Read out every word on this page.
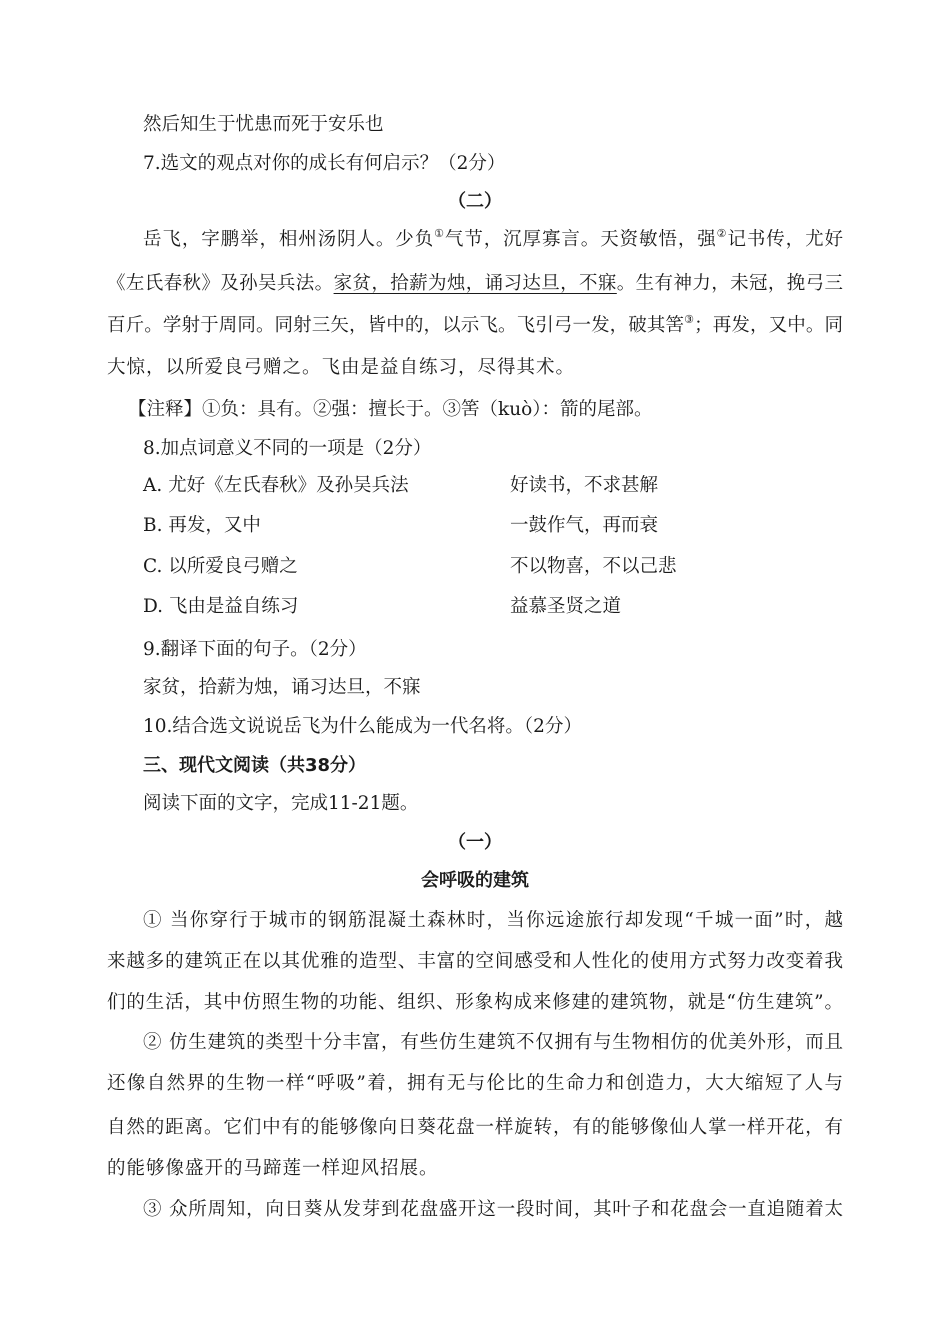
然后知生于忧患而死于安乐也
7.选文的观点对你的成长有何启示？（2分）
（二）
岳飞，字鹏举，相州汤阴人。少负①气节，沉厚寡言。天资敏悟，强②记书传，尤好
《左氏春秋》及孙吴兵法。家贫，拾薪为烛，诵习达旦，不寐。生有神力，未冠，挽弓三
百斤。学射于周同。同射三矢，皆中的，以示飞。飞引弓一发，破其筈③；再发，又中。同
大惊，以所爱良弓赠之。飞由是益自练习，尽得其术。
【注释】①负：具有。②强：擅长于。③筈（kuò）：箭的尾部。
8.加点词意义不同的一项是（2分）
A. 尤好《左氏春秋》及孙吴兵法	好读书，不求甚解
B. 再发，又中	一鼓作气，再而衰
C. 以所爱良弓赠之	不以物喜，不以己悲
D. 飞由是益自练习	益慕圣贤之道
9.翻译下面的句子。（2分）
家贫，拾薪为烛，诵习达旦，不寐
10.结合选文说说岳飞为什么能成为一代名将。（2分）
三、现代文阅读（共38分）
阅读下面的文字，完成11-21题。
（一）
会呼吸的建筑
① 当你穿行于城市的钢筋混凝土森林时，当你远途旅行却发现“千城一面”时，越
来越多的建筑正在以其优雅的造型、丰富的空间感受和人性化的使用方式努力改变着我
们的生活，其中仿照生物的功能、组织、形象构成来修建的建筑物，就是“仿生建筑”。
② 仿生建筑的类型十分丰富，有些仿生建筑不仅拥有与生物相仿的优美外形，而且
还像自然界的生物一样“呼吸”着，拥有无与伦比的生命力和创造力，大大缩短了人与
自然的距离。它们中有的能够像向日葵花盘一样旋转，有的能够像仙人掌一样开花，有
的能够像盛开的马蹄莲一样迎风招展。
③ 众所周知，向日葵从发芽到花盘盛开这一段时间，其叶子和花盘会一直追随着太
